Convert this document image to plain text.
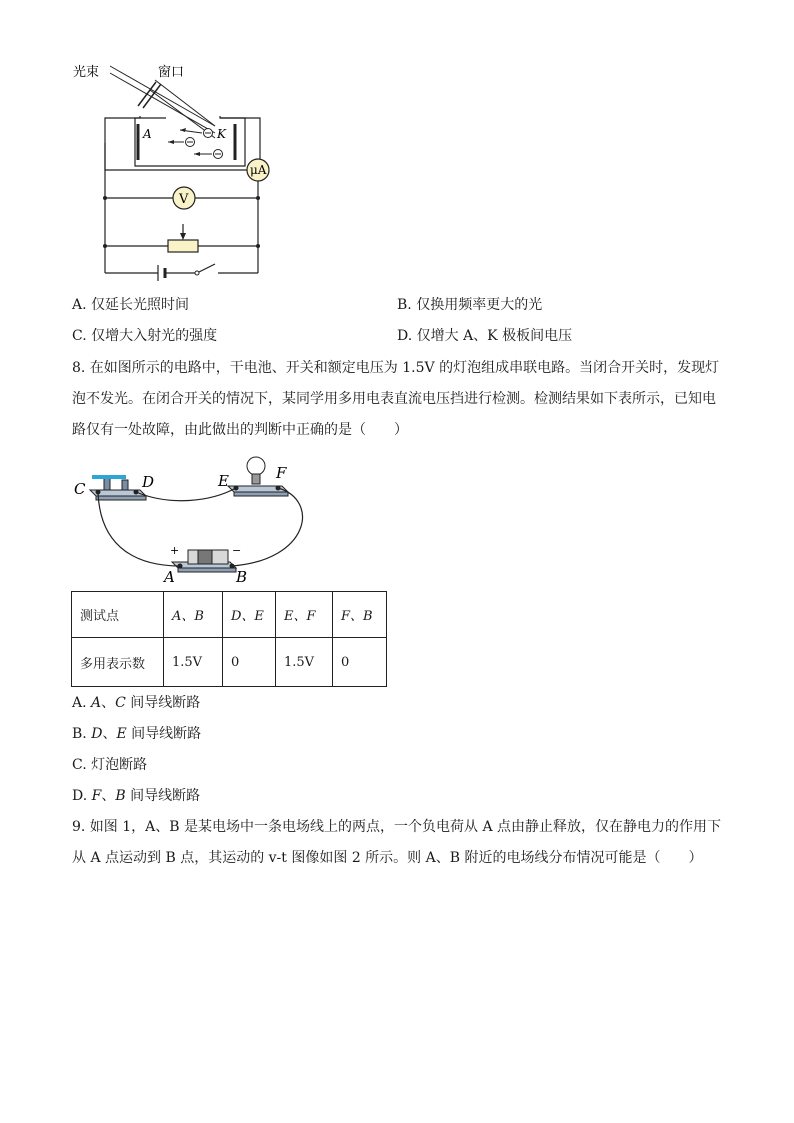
光束	窗口
A	K
μA
V
A. 仅延长光照时间	B. 仅换用频率更大的光
C. 仅增大入射光的强度	D. 仅增大 A、K 极板间电压
8. 在如图所示的电路中，干电池、开关和额定电压为 1.5V 的灯泡组成串联电路。当闭合开关时，发现灯
泡不发光。在闭合开关的情况下，某同学用多用电表直流电压挡进行检测。检测结果如下表所示，已知电
路仅有一处故障，由此做出的判断中正确的是（　　）
C	D	E	F
+	−
A	B
测试点	A、B	D、E	E、F	F、B
多用表示数	1.5V	0	1.5V	0
A. A、C 间导线断路
B. D、E 间导线断路
C. 灯泡断路
D. F、B 间导线断路
9. 如图 1，A、B 是某电场中一条电场线上的两点，一个负电荷从 A 点由静止释放，仅在静电力的作用下
从 A 点运动到 B 点，其运动的 v-t 图像如图 2 所示。则 A、B 附近的电场线分布情况可能是（　　）
